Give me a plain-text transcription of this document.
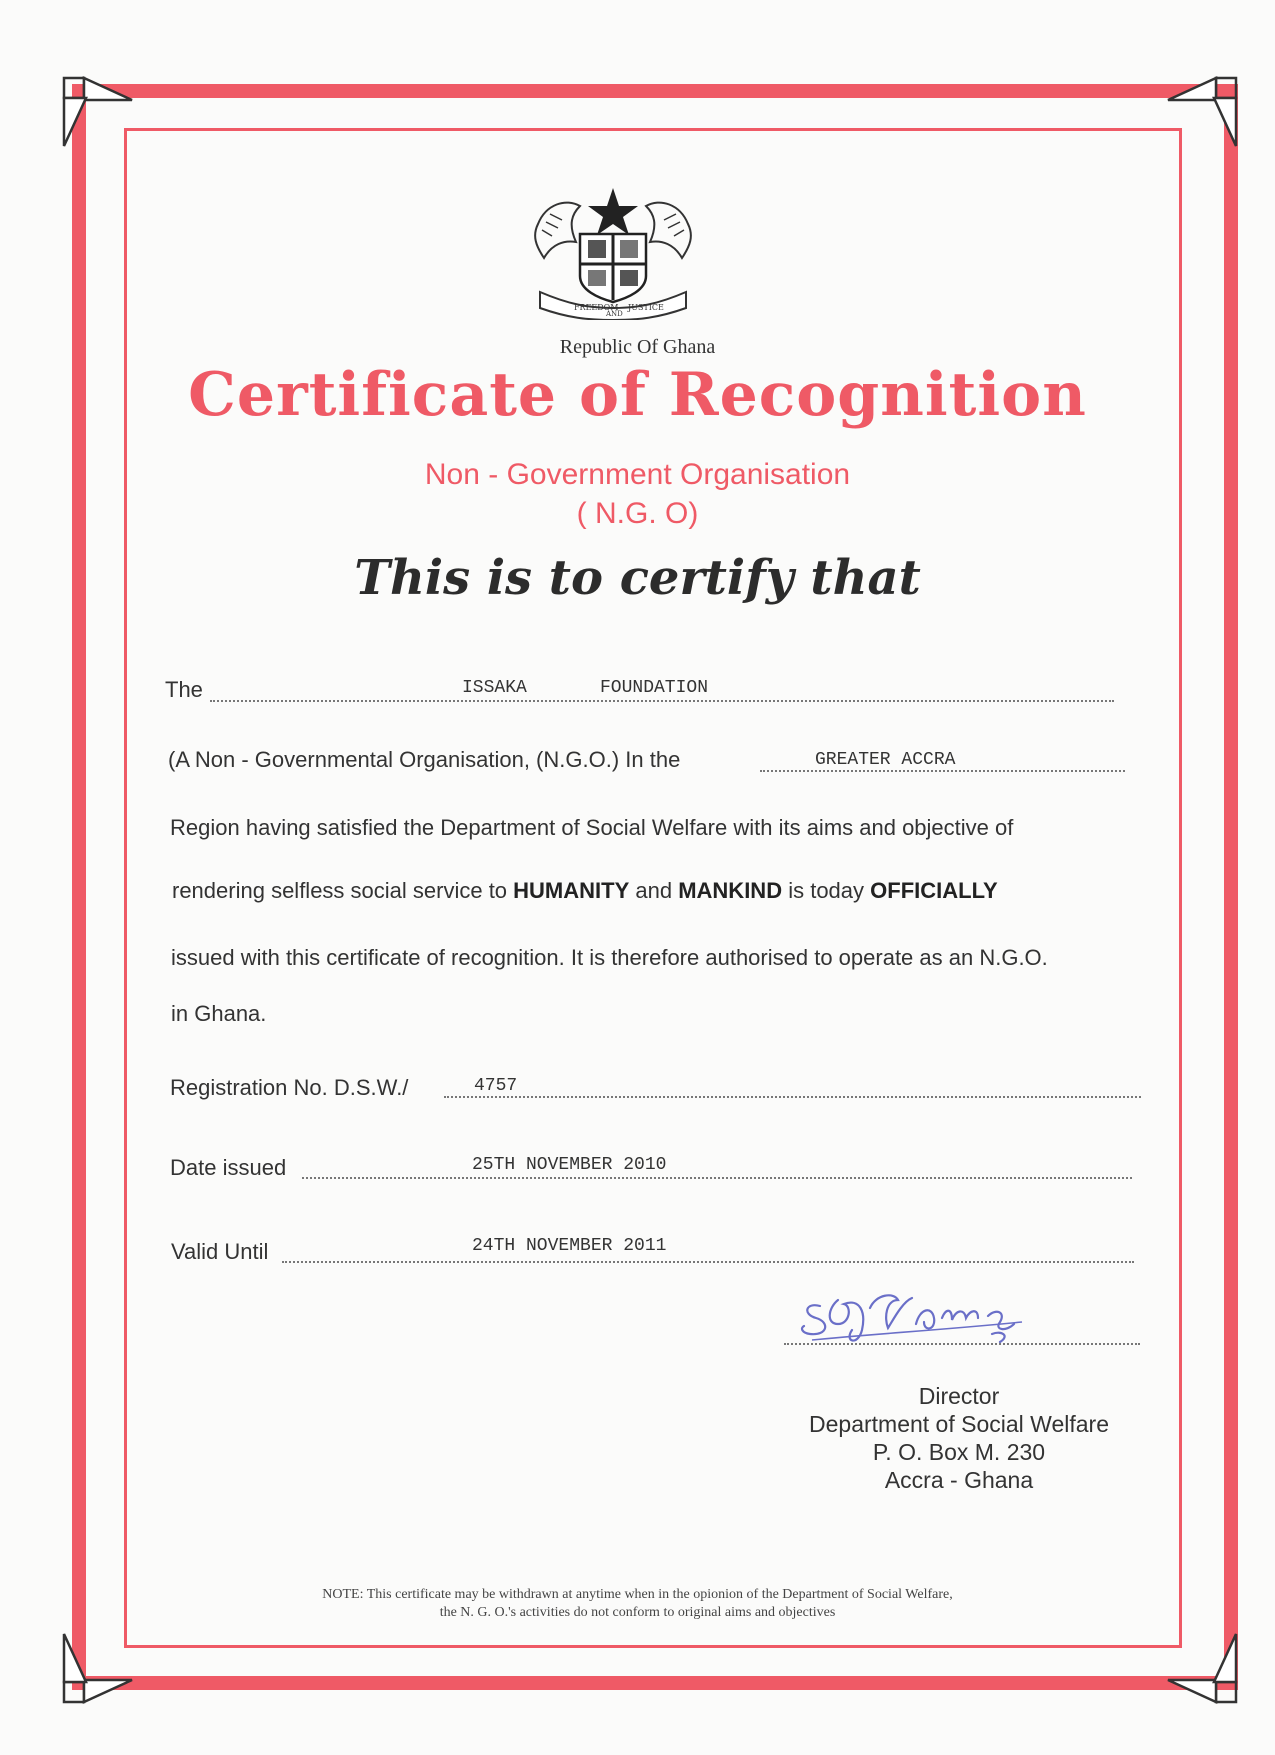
FREEDOM
AND
JUSTICE
Republic Of Ghana
Certificate of Recognition
Non - Government Organisation
( N.G. O)
This is to certify that
The	ISSAKA	FOUNDATION
(A Non - Governmental Organisation, (N.G.O.) In the	GREATER ACCRA
Region having satisfied the Department of Social Welfare with its aims and objective of
rendering selfless social service to HUMANITY and MANKIND is today OFFICIALLY
issued with this certificate of recognition. It is therefore authorised to operate as an N.G.O.
in Ghana.
Registration No. D.S.W./	4757
Date issued	25TH NOVEMBER 2010
Valid Until	24TH NOVEMBER 2011
Director
Department of Social Welfare
P. O. Box M. 230
Accra - Ghana
NOTE: This certificate may be withdrawn at anytime when in the opionion of the Department of Social Welfare,
the N. G. O.'s activities do not conform to original aims and objectives
